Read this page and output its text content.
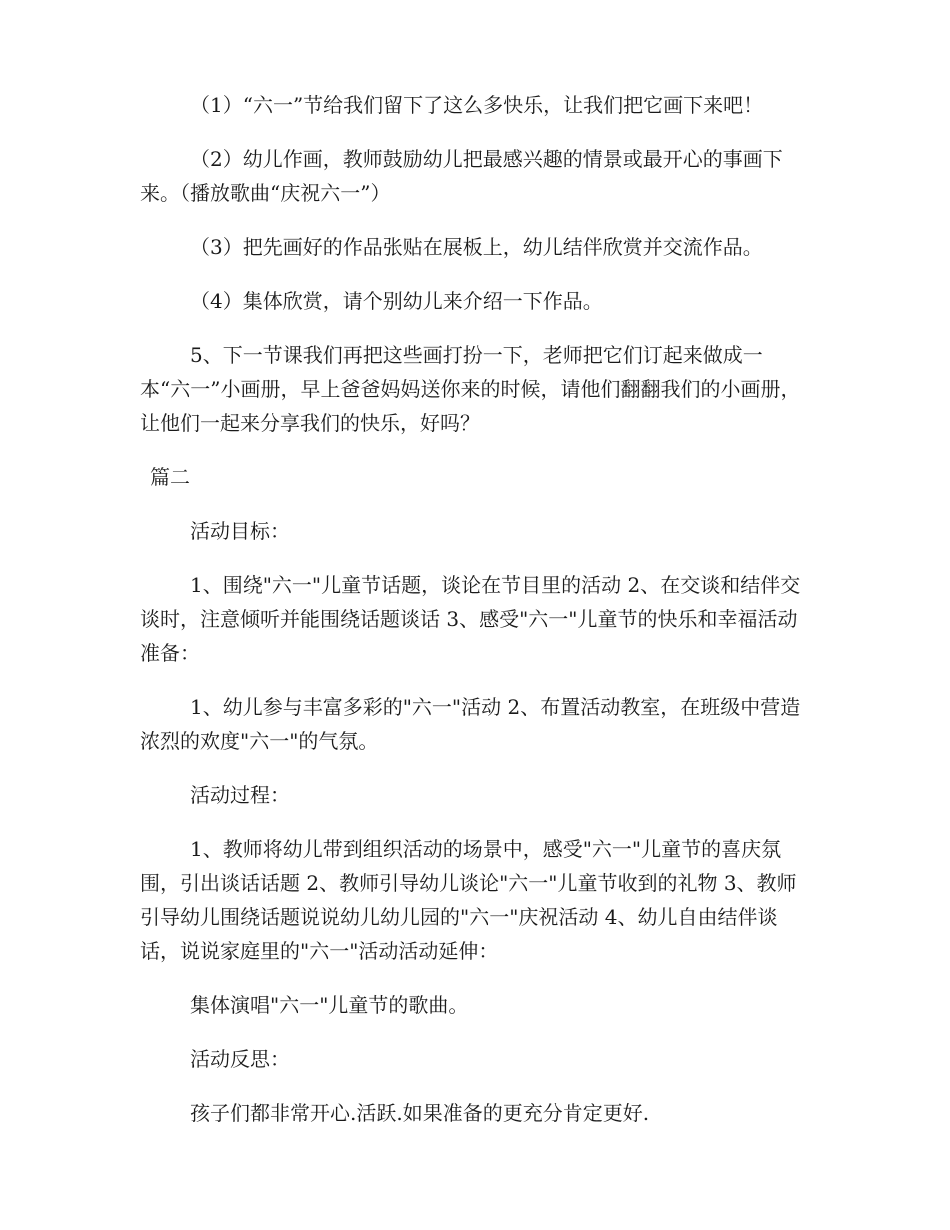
（1）“六一”节给我们留下了这么多快乐，让我们把它画下来吧！

（2）幼儿作画，教师鼓励幼儿把最感兴趣的情景或最开心的事画下来。（播放歌曲“庆祝六一”）

（3）把先画好的作品张贴在展板上，幼儿结伴欣赏并交流作品。

（4）集体欣赏，请个别幼儿来介绍一下作品。

5、下一节课我们再把这些画打扮一下，老师把它们订起来做成一本“六一”小画册，早上爸爸妈妈送你来的时候，请他们翻翻我们的小画册，让他们一起来分享我们的快乐，好吗？

篇二

活动目标：

1、围绕"六一"儿童节话题，谈论在节目里的活动 2、在交谈和结伴交谈时，注意倾听并能围绕话题谈话 3、感受"六一"儿童节的快乐和幸福活动准备：

1、幼儿参与丰富多彩的"六一"活动 2、布置活动教室，在班级中营造浓烈的欢度"六一"的气氛。

活动过程：

1、教师将幼儿带到组织活动的场景中，感受"六一"儿童节的喜庆氛围，引出谈话话题 2、教师引导幼儿谈论"六一"儿童节收到的礼物 3、教师引导幼儿围绕话题说说幼儿幼儿园的"六一"庆祝活动 4、幼儿自由结伴谈话，说说家庭里的"六一"活动活动延伸：

集体演唱"六一"儿童节的歌曲。

活动反思：

孩子们都非常开心.活跃.如果准备的更充分肯定更好.
